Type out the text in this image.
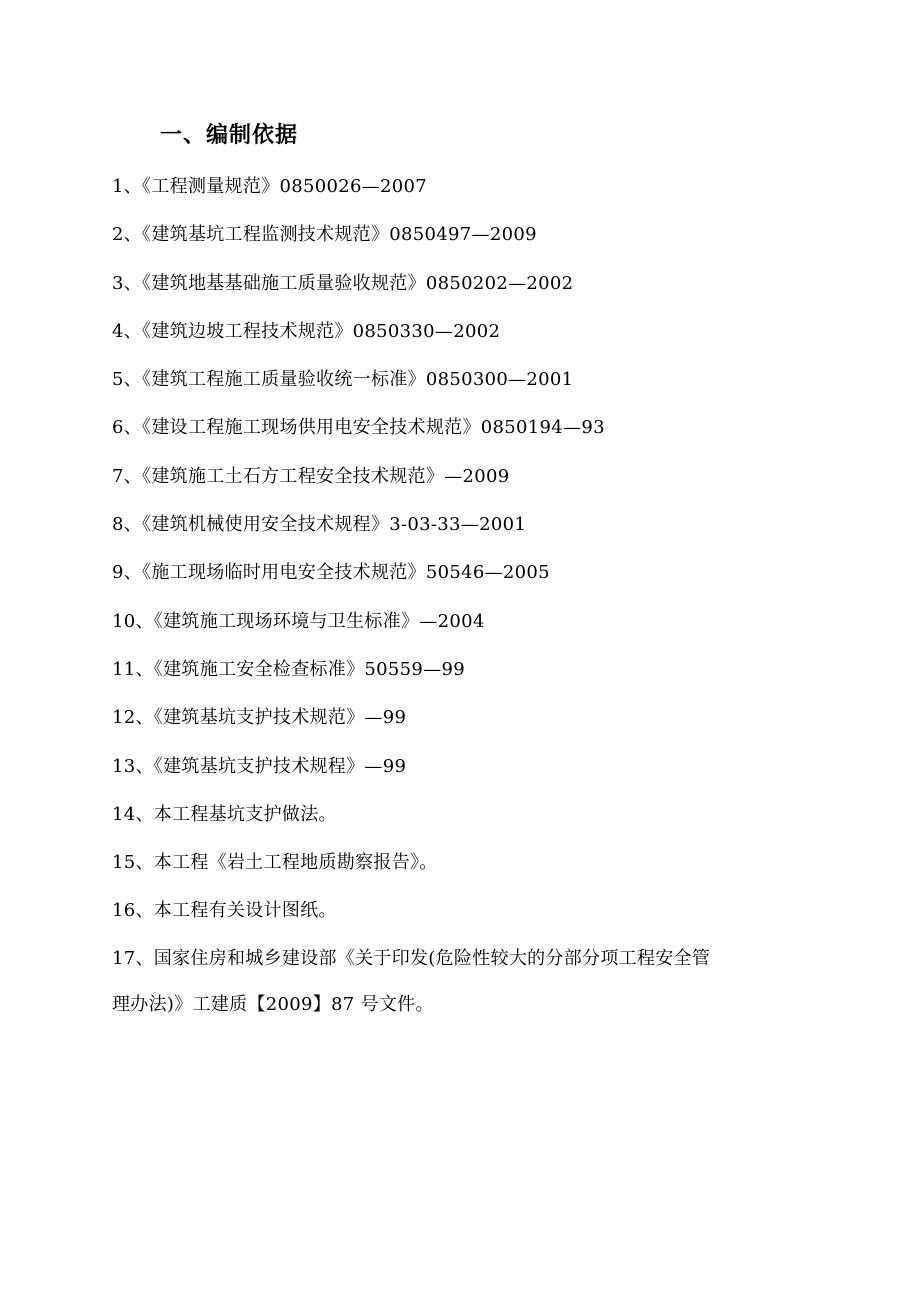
一、编制依据
1、《工程测量规范》0850026—2007
2、《建筑基坑工程监测技术规范》0850497—2009
3、《建筑地基基础施工质量验收规范》0850202—2002
4、《建筑边坡工程技术规范》0850330—2002
5、《建筑工程施工质量验收统一标准》0850300—2001
6、《建设工程施工现场供用电安全技术规范》0850194—93
7、《建筑施工土石方工程安全技术规范》—2009
8、《建筑机械使用安全技术规程》3-03-33—2001
9、《施工现场临时用电安全技术规范》50546—2005
10、《建筑施工现场环境与卫生标准》—2004
11、《建筑施工安全检查标准》50559—99
12、《建筑基坑支护技术规范》—99
13、《建筑基坑支护技术规程》—99
14、本工程基坑支护做法。
15、本工程《岩土工程地质勘察报告》。
16、本工程有关设计图纸。
17、国家住房和城乡建设部《关于印发(危险性较大的分部分项工程安全管
理办法)》工建质【2009】87 号文件。
